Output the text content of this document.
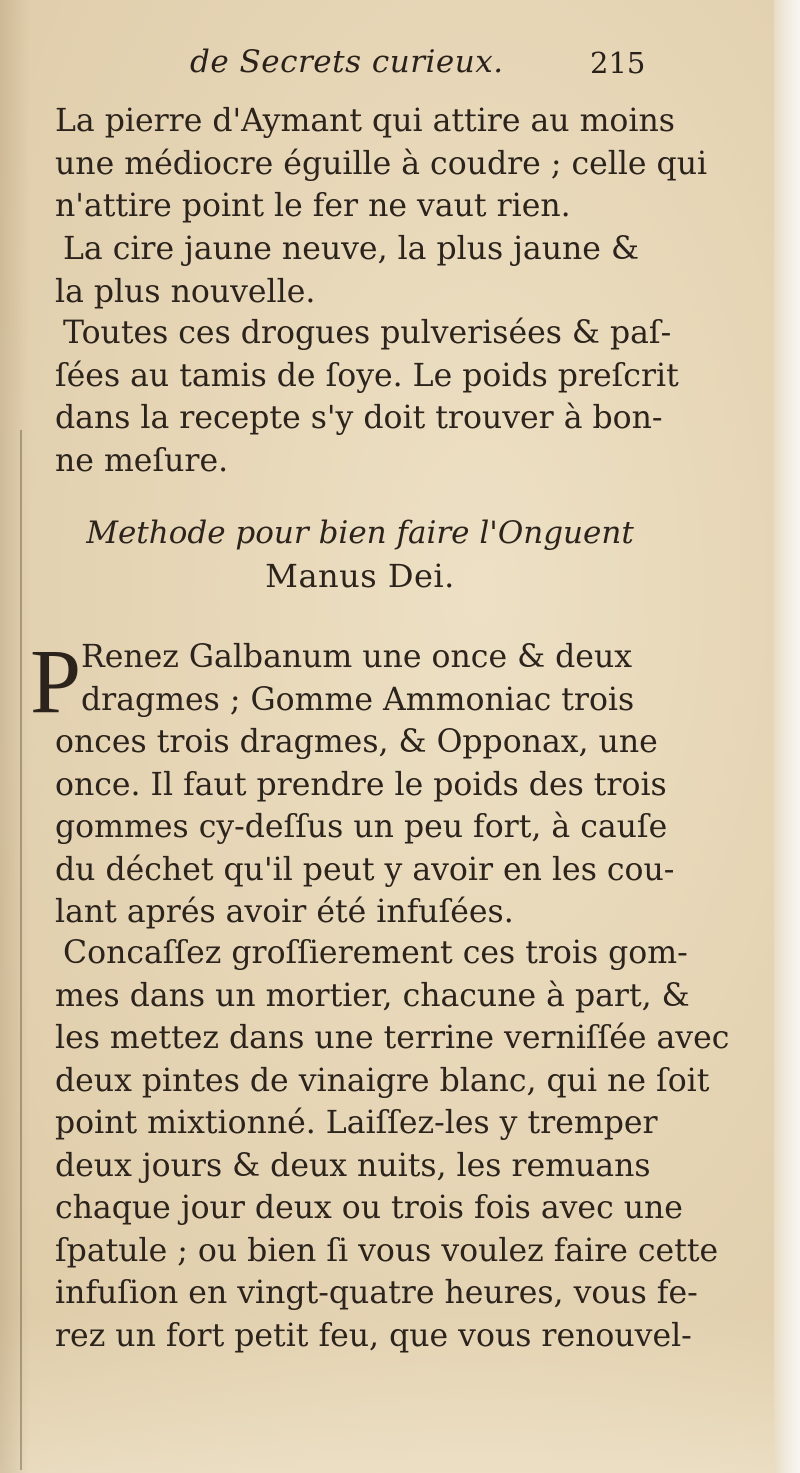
de Secrets curieux.	215
La pierre d'Aymant qui attire au moins
une médiocre éguille à coudre ; celle qui
n'attire point le fer ne vaut rien.
La cire jaune neuve, la plus jaune &
la plus nouvelle.
Toutes ces drogues pulverisées & paſ-
ſées au tamis de ſoye. Le poids preſcrit
dans la recepte s'y doit trouver à bon-
ne meſure.
Methode pour bien faire l'Onguent
Manus Dei.
P Renez Galbanum une once & deux
dragmes ; Gomme Ammoniac trois
onces trois dragmes, & Opponax, une
once. Il faut prendre le poids des trois
gommes cy-deſſus un peu fort, à cauſe
du déchet qu'il peut y avoir en les cou-
lant aprés avoir été infuſées.
Concaſſez groſſierement ces trois gom-
mes dans un mortier, chacune à part, &
les mettez dans une terrine verniſſée avec
deux pintes de vinaigre blanc, qui ne ſoit
point mixtionné. Laiſſez-les y tremper
deux jours & deux nuits, les remuans
chaque jour deux ou trois fois avec une
ſpatule ; ou bien ſi vous voulez faire cette
infuſion en vingt-quatre heures, vous fe-
rez un fort petit feu, que vous renouvel-
